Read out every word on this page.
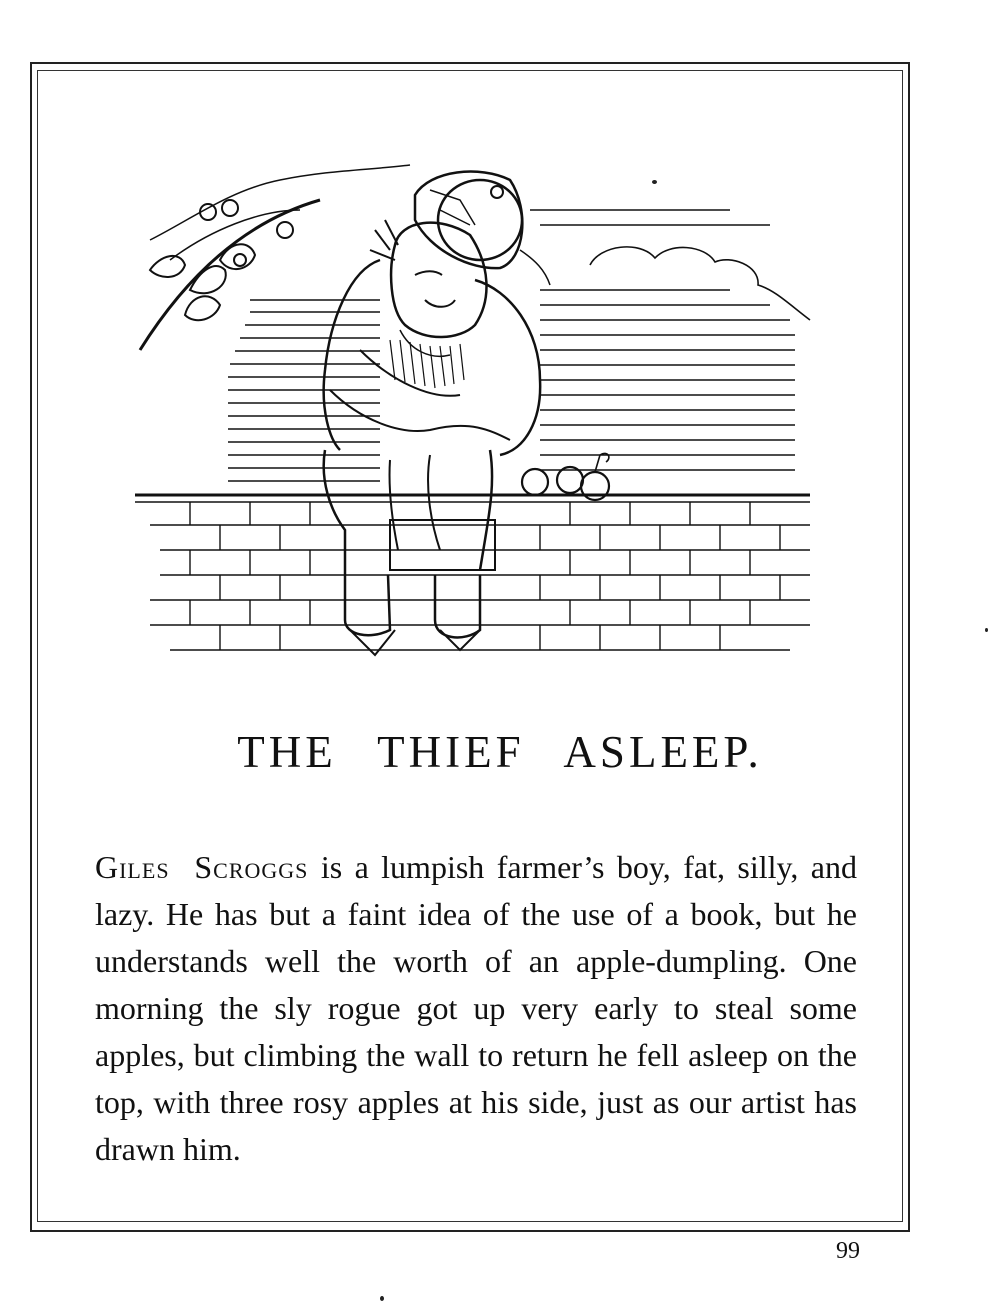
THE THIEF ASLEEP.

Giles Scroggs is a lumpish farmer’s boy, fat, silly, and lazy. He has but a faint idea of the use of a book, but he understands well the worth of an apple-dumpling. One morning the sly rogue got up very early to steal some apples, but climbing the wall to return he fell asleep on the top, with three rosy apples at his side, just as our artist has drawn him.

99
